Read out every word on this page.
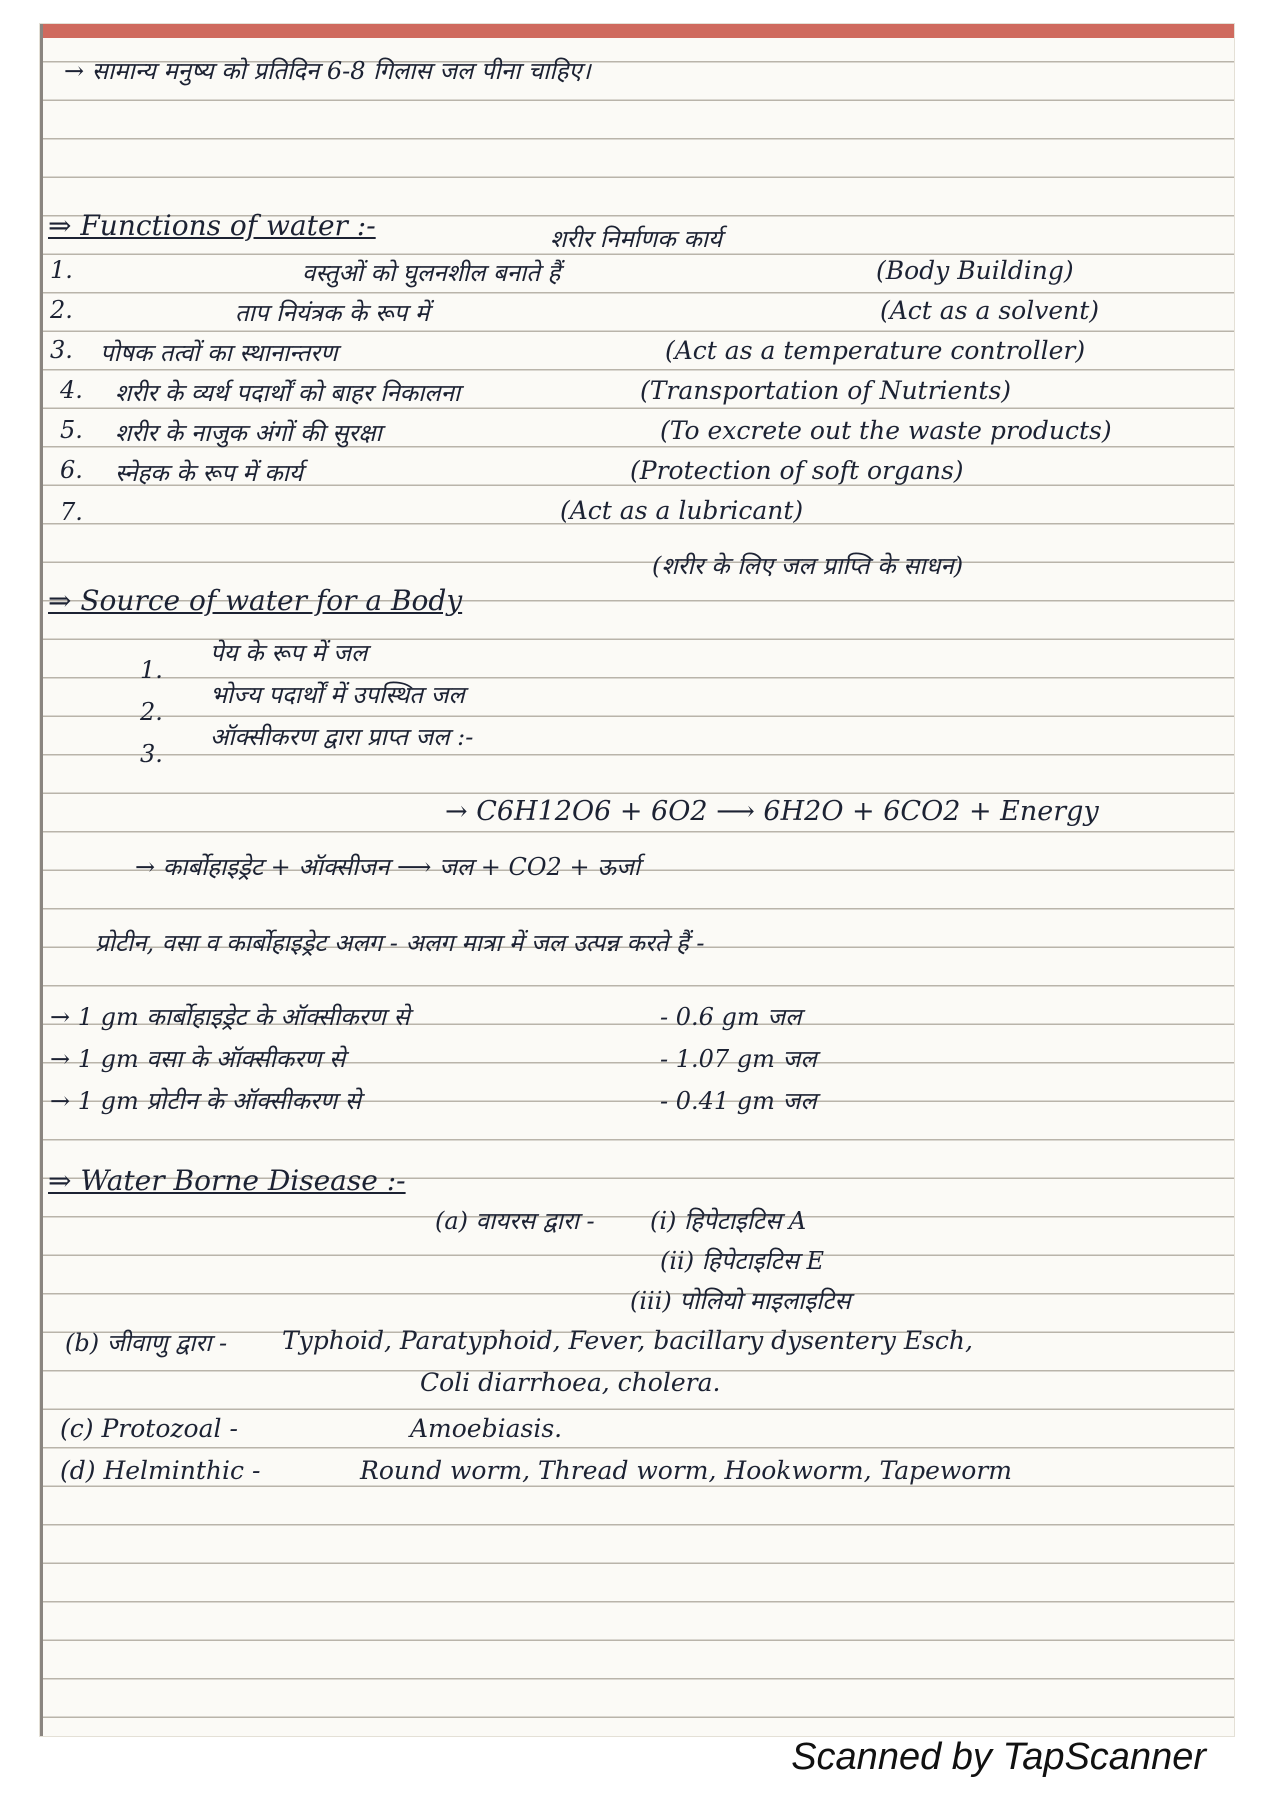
→ सामान्य मनुष्य को प्रतिदिन 6-8 गिलास जल पीना चाहिए।
⇒ Functions of water :-	शरीर निर्माणक कार्य
1.	वस्तुओं को घुलनशील बनाते हैं	(Body Building)
2.	ताप नियंत्रक के रूप में	(Act as a solvent)
3. पोषक तत्वों का स्थानान्तरण	(Act as a temperature controller)
4. शरीर के व्यर्थ पदार्थों को बाहर निकालना	(Transportation of Nutrients)
5. शरीर के नाजुक अंगों की सुरक्षा	(To excrete out the waste products)
6. स्नेहक के रूप में कार्य	(Protection of soft organs)
7.	(Act as a lubricant)
(शरीर के लिए जल प्राप्ति के साधन)
⇒ Source of water for a Body
1.
पेय के रूप में जल
2.
भोज्य पदार्थों में उपस्थित जल
3.
ऑक्सीकरण द्वारा प्राप्त जल :-
→ C6H12O6 + 6O2 ⟶ 6H2O + 6CO2 + Energy
→ कार्बोहाइड्रेट + ऑक्सीजन ⟶ जल + CO2 + ऊर्जा
प्रोटीन, वसा व कार्बोहाइड्रेट अलग - अलग मात्रा में जल उत्पन्न करते हैं -
→ 1 gm कार्बोहाइड्रेट के ऑक्सीकरण से	- 0.6 gm जल
→ 1 gm वसा के ऑक्सीकरण से	- 1.07 gm जल
→ 1 gm प्रोटीन के ऑक्सीकरण से	- 0.41 gm जल
⇒ Water Borne Disease :-
(a) वायरस द्वारा - (i) हिपेटाइटिस A
(ii) हिपेटाइटिस E
(iii) पोलियो माइलाइटिस
(b) जीवाणु द्वारा - Typhoid, Paratyphoid, Fever, bacillary dysentery Esch,
Coli diarrhoea, cholera.
(c) Protozoal -	Amoebiasis.
(d) Helminthic -	Round worm, Thread worm, Hookworm, Tapeworm
Scanned by TapScanner
